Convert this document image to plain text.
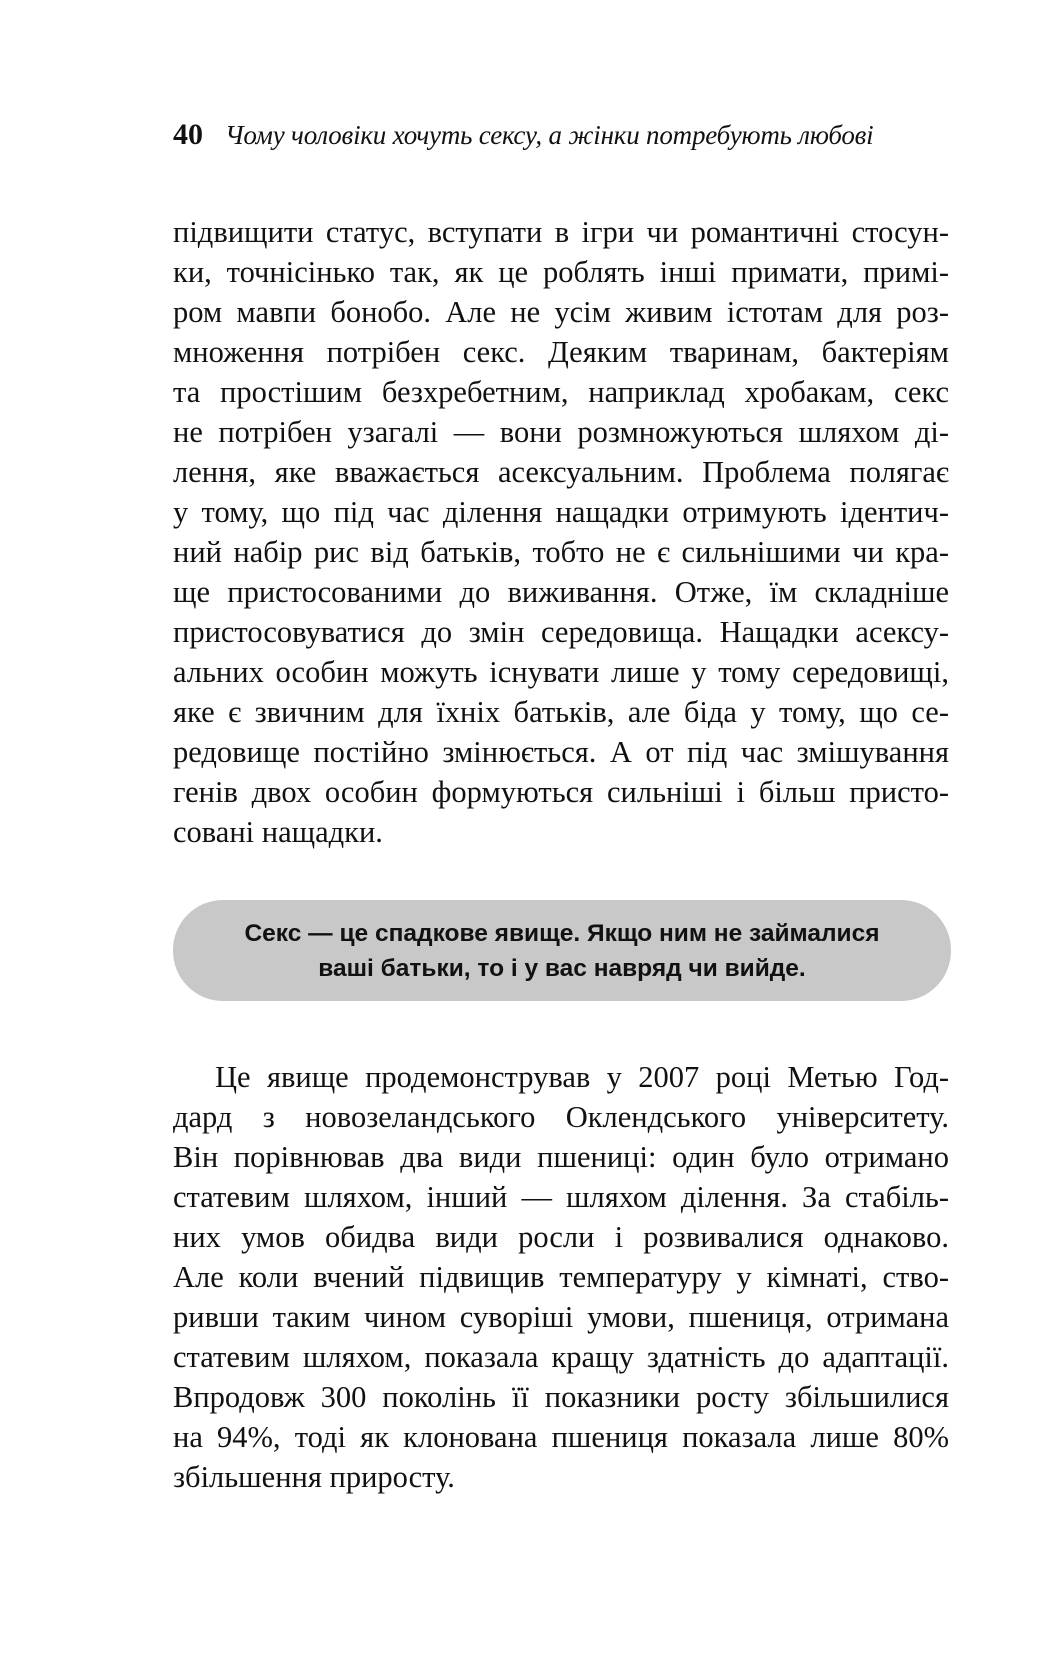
40 Чому чоловіки хочуть сексу, а жінки потребують любові
підвищити статус, вступати в ігри чи романтичні стосун-
ки, точнісінько так, як це роблять інші примати, примі-
ром мавпи бонобо. Але не усім живим істотам для роз-
множення потрібен секс. Деяким тваринам, бактеріям
та простішим безхребетним, наприклад хробакам, секс
не потрібен узагалі — вони розмножуються шляхом ді-
лення, яке вважається асексуальним. Проблема полягає
у тому, що під час ділення нащадки отримують ідентич-
ний набір рис від батьків, тобто не є сильнішими чи кра-
ще пристосованими до виживання. Отже, їм складніше
пристосовуватися до змін середовища. Нащадки асексу-
альних особин можуть існувати лише у тому середовищі,
яке є звичним для їхніх батьків, але біда у тому, що се-
редовище постійно змінюється. А от під час змішування
генів двох особин формуються сильніші і більш присто-
совані нащадки.
Секс — це спадкове явище. Якщо ним не займалися
ваші батьки, то і у вас навряд чи вийде.
Це явище продемонстрував у 2007 році Метью Год-
дард з новозеландського Оклендського університету.
Він порівнював два види пшениці: один було отримано
статевим шляхом, інший — шляхом ділення. За стабіль-
них умов обидва види росли і розвивалися однаково.
Але коли вчений підвищив температуру у кімнаті, ство-
ривши таким чином суворіші умови, пшениця, отримана
статевим шляхом, показала кращу здатність до адаптації.
Впродовж 300 поколінь її показники росту збільшилися
на 94%, тоді як клонована пшениця показала лише 80%
збільшення приросту.
